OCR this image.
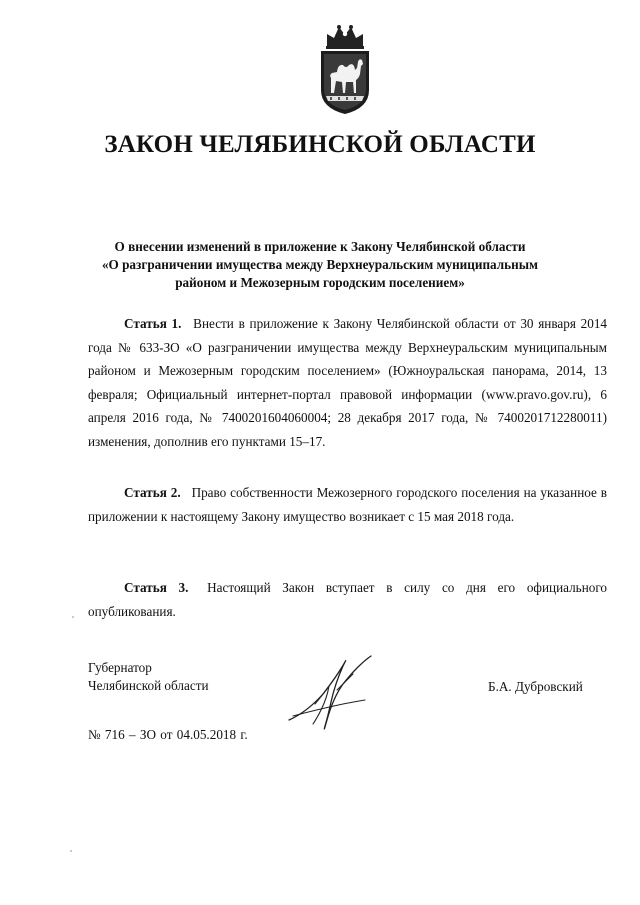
ЗАКОН ЧЕЛЯБИНСКОЙ ОБЛАСТИ
О внесении изменений в приложение к Закону Челябинской области
«О разграничении имущества между Верхнеуральским муниципальным
районом и Межозерным городским поселением»
Статья 1. Внести в приложение к Закону Челябинской области от 30 января 2014 года № 633-ЗО «О разграничении имущества между Верхнеуральским муниципальным районом и Межозерным городским поселением» (Южноуральская панорама, 2014, 13 февраля; Официальный интернет-портал правовой информации (www.pravo.gov.ru), 6 апреля 2016 года, № 7400201604060004; 28 декабря 2017 года, № 7400201712280011) изменения, дополнив его пунктами 15–17.
Статья 2. Право собственности Межозерного городского поселения на указанное в приложении к настоящему Закону имущество возникает с 15 мая 2018 года.
Статья 3. Настоящий Закон вступает в силу со дня его официального опубликования.
Губернатор
Челябинской области	Б.А. Дубровский
№ 716 – ЗО от 04.05.2018 г.
